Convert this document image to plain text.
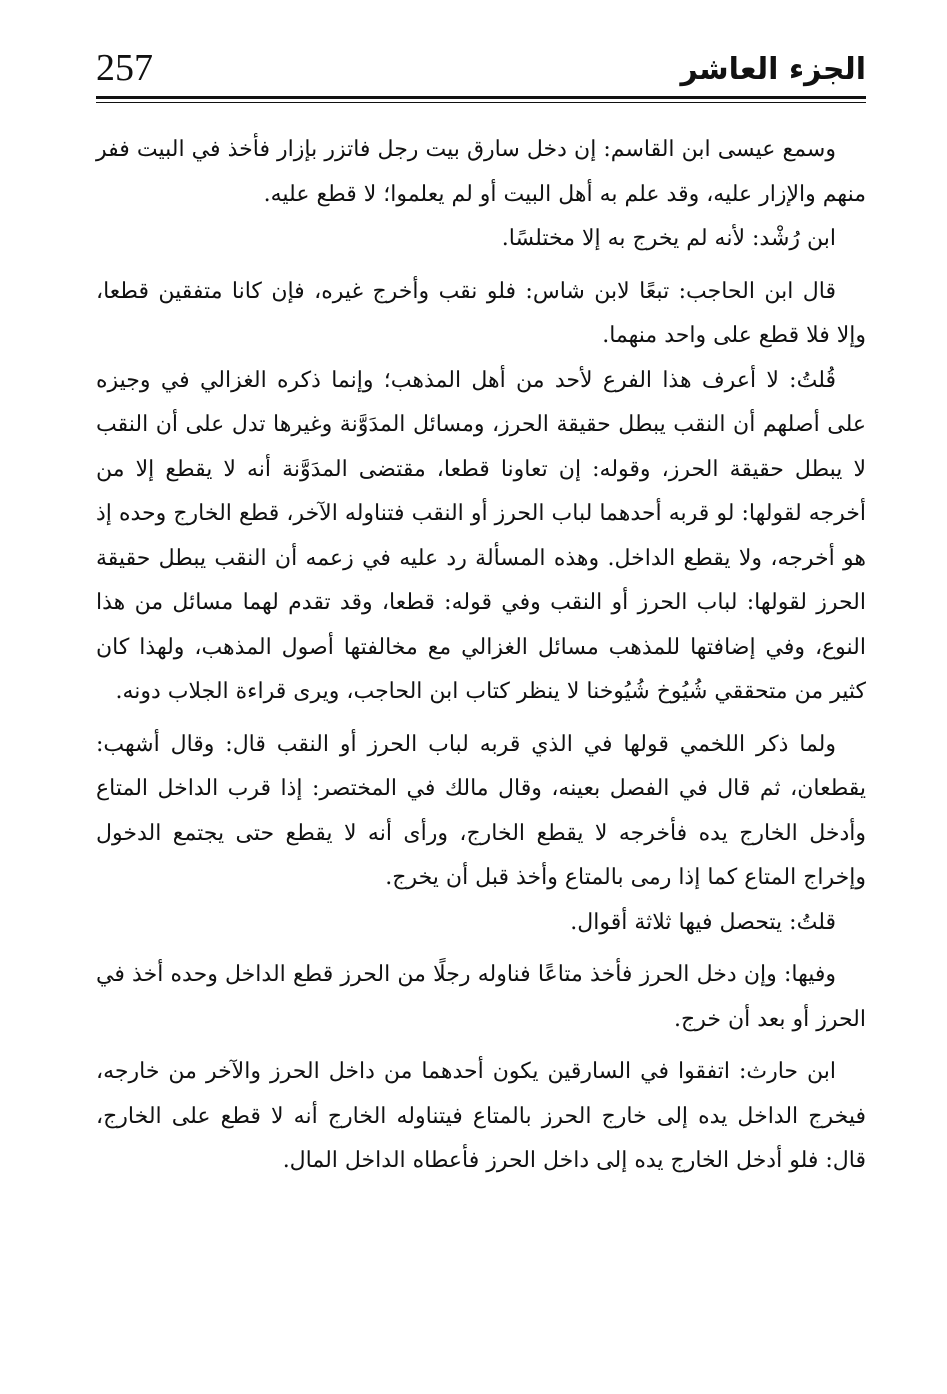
257	الجزء العاشر

وسمع عيسى ابن القاسم: إن دخل سارق بيت رجل فاتزر بإزار فأخذ في البيت ففر منهم والإزار عليه، وقد علم به أهل البيت أو لم يعلموا؛ لا قطع عليه.

ابن رُشْد: لأنه لم يخرج به إلا مختلسًا.

قال ابن الحاجب: تبعًا لابن شاس: فلو نقب وأخرج غيره، فإن كانا متفقين قطعا، وإلا فلا قطع على واحد منهما.

قُلتُ: لا أعرف هذا الفرع لأحد من أهل المذهب؛ وإنما ذكره الغزالي في وجيزه على أصلهم أن النقب يبطل حقيقة الحرز، ومسائل المدَوَّنة وغيرها تدل على أن النقب لا يبطل حقيقة الحرز، وقوله: إن تعاونا قطعا، مقتضى المدَوَّنة أنه لا يقطع إلا من أخرجه لقولها: لو قربه أحدهما لباب الحرز أو النقب فتناوله الآخر، قطع الخارج وحده إذ هو أخرجه، ولا يقطع الداخل. وهذه المسألة رد عليه في زعمه أن النقب يبطل حقيقة الحرز لقولها: لباب الحرز أو النقب وفي قوله: قطعا، وقد تقدم لهما مسائل من هذا النوع، وفي إضافتها للمذهب مسائل الغزالي مع مخالفتها أصول المذهب، ولهذا كان كثير من متحققي شُيُوخ شُيُوخنا لا ينظر كتاب ابن الحاجب، ويرى قراءة الجلاب دونه.

ولما ذكر اللخمي قولها في الذي قربه لباب الحرز أو النقب قال: وقال أشهب: يقطعان، ثم قال في الفصل بعينه، وقال مالك في المختصر: إذا قرب الداخل المتاع وأدخل الخارج يده فأخرجه لا يقطع الخارج، ورأى أنه لا يقطع حتى يجتمع الدخول وإخراج المتاع كما إذا رمى بالمتاع وأخذ قبل أن يخرج.

قلتُ: يتحصل فيها ثلاثة أقوال.

وفيها: وإن دخل الحرز فأخذ متاعًا فناوله رجلًا من الحرز قطع الداخل وحده أخذ في الحرز أو بعد أن خرج.

ابن حارث: اتفقوا في السارقين يكون أحدهما من داخل الحرز والآخر من خارجه، فيخرج الداخل يده إلى خارج الحرز بالمتاع فيتناوله الخارج أنه لا قطع على الخارج، قال: فلو أدخل الخارج يده إلى داخل الحرز فأعطاه الداخل المال.
